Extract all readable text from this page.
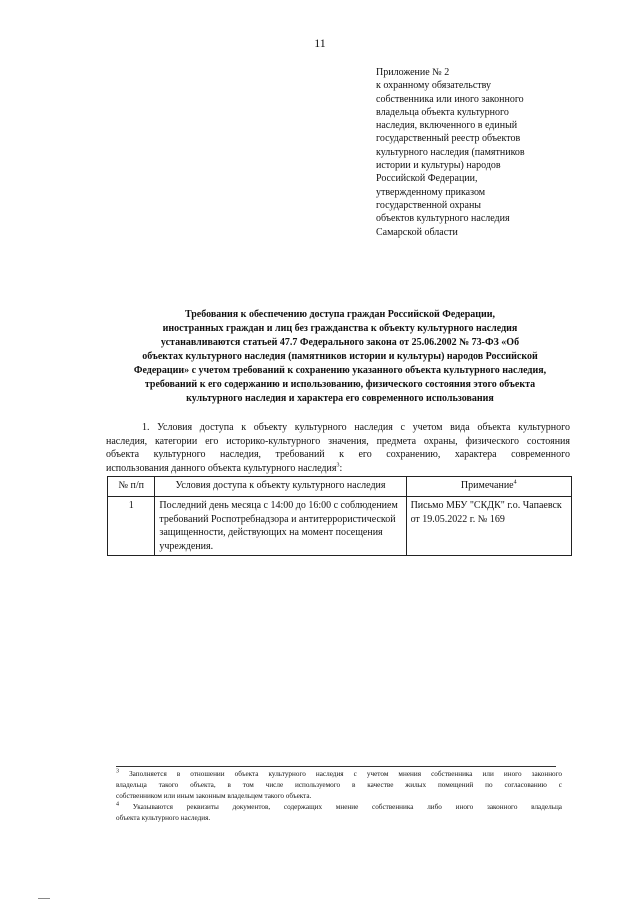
11
Приложение № 2
к охранному обязательству
собственника или иного законного
владельца объекта культурного
наследия, включенного в единый
государственный реестр объектов
культурного наследия (памятников
истории и культуры) народов
Российской Федерации,
утвержденному приказом
государственной охраны
объектов культурного наследия
Самарской области
Требования к обеспечению доступа граждан Российской Федерации,
иностранных граждан и лиц без гражданства к объекту культурного наследия
устанавливаются статьей 47.7 Федерального закона от 25.06.2002 № 73-ФЗ «Об
объектах культурного наследия (памятников истории и культуры) народов Российской
Федерации» с учетом требований к сохранению указанного объекта культурного наследия,
требований к его содержанию и использованию, физического состояния этого объекта
культурного наследия и характера его современного использования
1. Условия доступа к объекту культурного наследия с учетом вида объекта культурного
наследия, категории его историко-культурного значения, предмета охраны, физического состояния
объекта культурного наследия, требований к его сохранению, характера современного
использования данного объекта культурного наследия$^3$:
№ п/п	Условия доступа к объекту культурного наследия	Примечание$^4$
1	Последний день месяца с 14:00 до 16:00 с соблюдением требований Роспотребнадзора и антитеррористической защищенности, действующих на момент посещения учреждения.	Письмо МБУ "СКДК" г.о. Чапаевск от 19.05.2022 г. № 169
$^3$ Заполняется в отношении объекта культурного наследия с учетом мнения собственника или иного законного
владельца такого объекта, в том числе используемого в качестве жилых помещений по согласованию с
собственником или иным законным владельцем такого объекта.
$^4$ Указываются реквизиты документов, содержащих мнение собственника либо иного законного владельца
объекта культурного наследия.
